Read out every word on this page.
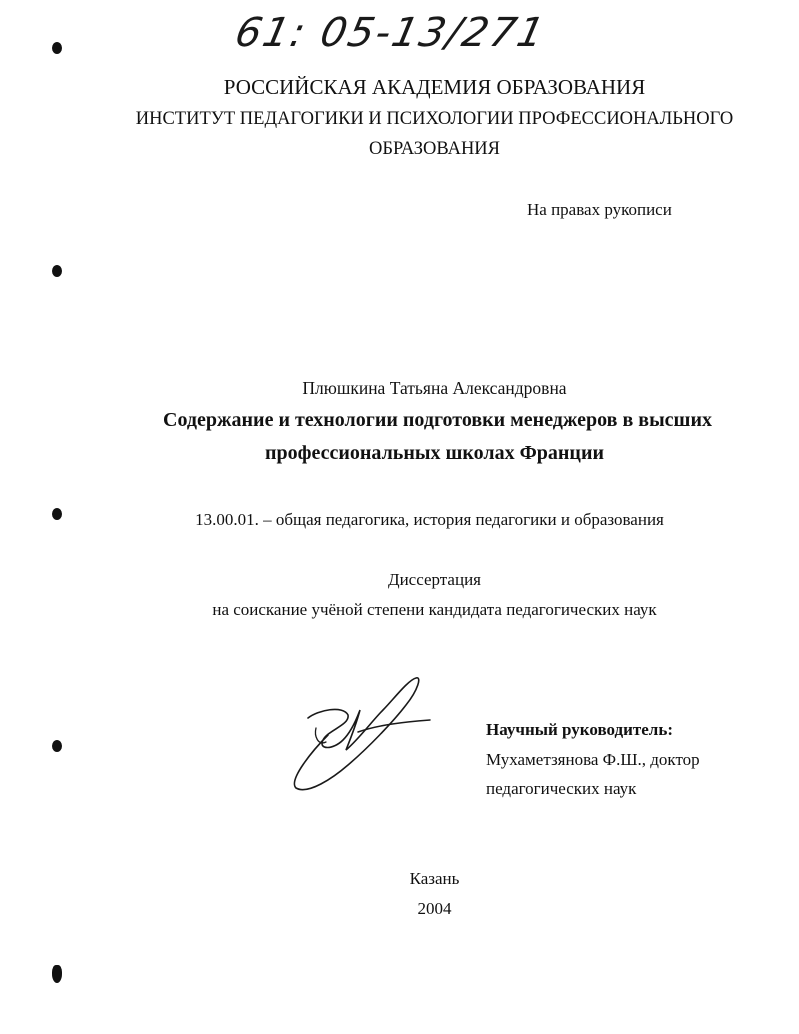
61: 05-13/271
РОССИЙСКАЯ АКАДЕМИЯ ОБРАЗОВАНИЯ
ИНСТИТУТ ПЕДАГОГИКИ И ПСИХОЛОГИИ ПРОФЕССИОНАЛЬНОГО
ОБРАЗОВАНИЯ
На правах рукописи
Плюшкина Татьяна Александровна
Содержание и технологии подготовки менеджеров в высших
профессиональных школах Франции
13.00.01. – общая педагогика, история педагогики и образования
Диссертация
на соискание учёной степени кандидата педагогических наук
Научный руководитель:
Мухаметзянова Ф.Ш., доктор
педагогических наук
Казань
2004
